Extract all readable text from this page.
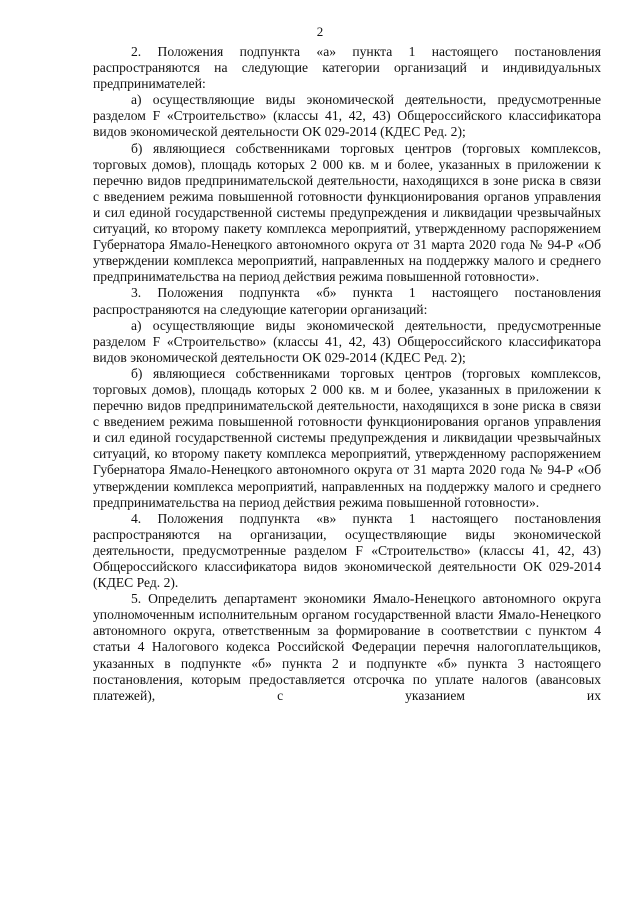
2

2. Положения подпункта «а» пункта 1 настоящего постановления распространяются на следующие категории организаций и индивидуальных предпринимателей:

а) осуществляющие виды экономической деятельности, предусмотренные разделом F «Строительство» (классы 41, 42, 43) Общероссийского классификатора видов экономической деятельности ОК 029-2014 (КДЕС Ред. 2);

б) являющиеся собственниками торговых центров (торговых комплексов, торговых домов), площадь которых 2 000 кв. м и более, указанных в приложении к перечню видов предпринимательской деятельности, находящихся в зоне риска в связи с введением режима повышенной готовности функционирования органов управления и сил единой государственной системы предупреждения и ликвидации чрезвычайных ситуаций, ко второму пакету комплекса мероприятий, утвержденному распоряжением Губернатора Ямало-Ненецкого автономного округа от 31 марта 2020 года № 94-Р «Об утверждении комплекса мероприятий, направленных на поддержку малого и среднего предпринимательства на период действия режима повышенной готовности».

3. Положения подпункта «б» пункта 1 настоящего постановления распространяются на следующие категории организаций:

а) осуществляющие виды экономической деятельности, предусмотренные разделом F «Строительство» (классы 41, 42, 43) Общероссийского классификатора видов экономической деятельности ОК 029-2014 (КДЕС Ред. 2);

б) являющиеся собственниками торговых центров (торговых комплексов, торговых домов), площадь которых 2 000 кв. м и более, указанных в приложении к перечню видов предпринимательской деятельности, находящихся в зоне риска в связи с введением режима повышенной готовности функционирования органов управления и сил единой государственной системы предупреждения и ликвидации чрезвычайных ситуаций, ко второму пакету комплекса мероприятий, утвержденному распоряжением Губернатора Ямало-Ненецкого автономного округа от 31 марта 2020 года № 94-Р «Об утверждении комплекса мероприятий, направленных на поддержку малого и среднего предпринимательства на период действия режима повышенной готовности».

4. Положения подпункта «в» пункта 1 настоящего постановления распространяются на организации, осуществляющие виды экономической деятельности, предусмотренные разделом F «Строительство» (классы 41, 42, 43) Общероссийского классификатора видов экономической деятельности ОК 029-2014 (КДЕС Ред. 2).

5. Определить департамент экономики Ямало-Ненецкого автономного округа уполномоченным исполнительным органом государственной власти Ямало-Ненецкого автономного округа, ответственным за формирование в соответствии с пунктом 4 статьи 4 Налогового кодекса Российской Федерации перечня налогоплательщиков, указанных в подпункте «б» пункта 2 и подпункте «б» пункта 3 настоящего постановления, которым предоставляется отсрочка по уплате налогов (авансовых платежей), с указанием их
